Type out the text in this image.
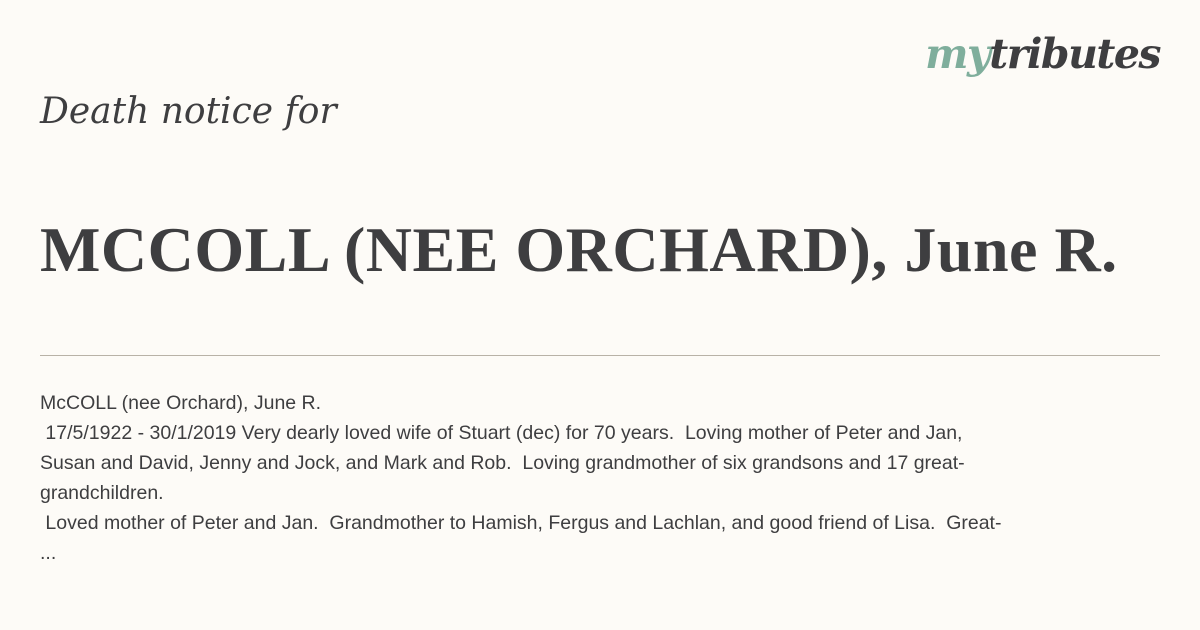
mytributes
Death notice for
MCCOLL (NEE ORCHARD), June R.

McCOLL (nee Orchard), June R.

17/5/1922 - 30/1/2019 Very dearly loved wife of Stuart (dec) for 70 years.  Loving mother of Peter and Jan,

Susan and David, Jenny and Jock, and Mark and Rob.  Loving grandmother of six grandsons and 17 great-

grandchildren.

Loved mother of Peter and Jan.  Grandmother to Hamish, Fergus and Lachlan, and good friend of Lisa.  Great-

...
